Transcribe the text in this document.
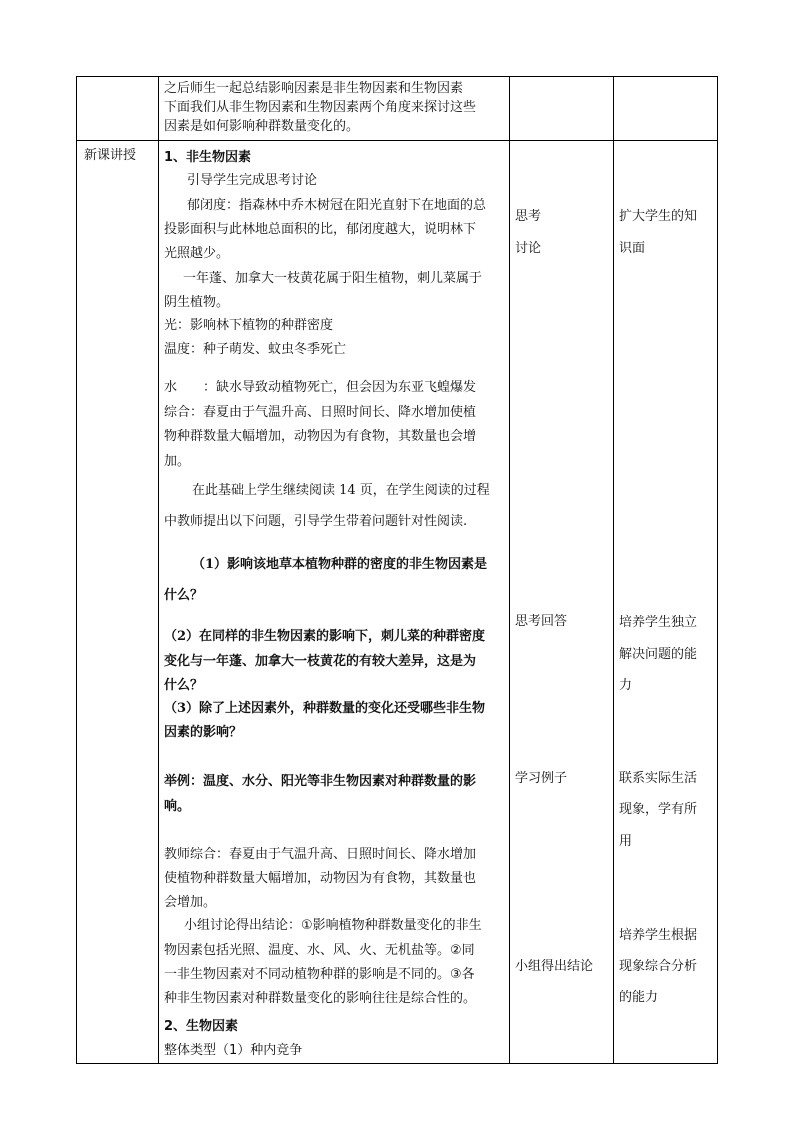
之后师生一起总结影响因素是非生物因素和生物因素
下面我们从非生物因素和生物因素两个角度来探讨这些
因素是如何影响种群数量变化的。
新课讲授 1、非生物因素
引导学生完成思考讨论
郁闭度：指森林中乔木树冠在阳光直射下在地面的总
投影面积与此林地总面积的比，郁闭度越大，说明林下
光照越少。
一年蓬、加拿大一枝黄花属于阳生植物，刺儿菜属于
阴生植物。
光：影响林下植物的种群密度
温度：种子萌发、蚊虫冬季死亡
水　　：缺水导致动植物死亡，但会因为东亚飞蝗爆发
综合：春夏由于气温升高、日照时间长、降水增加使植
物种群数量大幅增加，动物因为有食物，其数量也会增
加。
在此基础上学生继续阅读 14 页，在学生阅读的过程
中教师提出以下问题，引导学生带着问题针对性阅读.
（1）影响该地草本植物种群的密度的非生物因素是
什么？
（2）在同样的非生物因素的影响下，刺儿菜的种群密度
变化与一年蓬、加拿大一枝黄花的有较大差异，这是为
什么？
（3）除了上述因素外，种群数量的变化还受哪些非生物
因素的影响？
举例：温度、水分、阳光等非生物因素对种群数量的影
响。
教师综合：春夏由于气温升高、日照时间长、降水增加
使植物种群数量大幅增加，动物因为有食物，其数量也
会增加。
小组讨论得出结论：①影响植物种群数量变化的非生
物因素包括光照、温度、水、风、火、无机盐等。②同
一非生物因素对不同动植物种群的影响是不同的。③各
种非生物因素对种群数量变化的影响往往是综合性的。
2、生物因素
整体类型（1）种内竞争
思考
讨论
思考回答
学习例子
小组得出结论
扩大学生的知
识面
培养学生独立
解决问题的能
力
联系实际生活
现象，学有所
用
培养学生根据
现象综合分析
的能力
